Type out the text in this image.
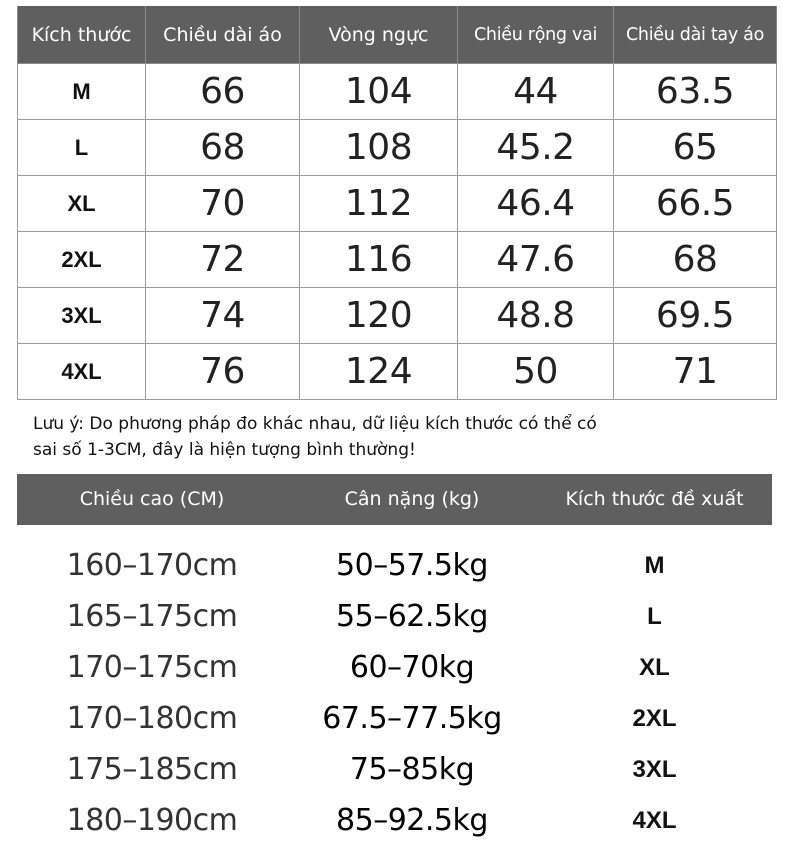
Kích thước	Chiều dài áo	Vòng ngực	Chiều rộng vai	Chiều dài tay áo
M	66	104	44	63.5
L	68	108	45.2	65
XL	70	112	46.4	66.5
2XL	72	116	47.6	68
3XL	74	120	48.8	69.5
4XL	76	124	50	71
Lưu ý: Do phương pháp đo khác nhau, dữ liệu kích thước có thể có
sai số 1-3CM, đây là hiện tượng bình thường!
Chiều cao (CM)	Cân nặng (kg)	Kích thước đề xuất
160–170cm	50–57.5kg	M
165–175cm	55–62.5kg	L
170–175cm	60–70kg	XL
170–180cm	67.5–77.5kg	2XL
175–185cm	75–85kg	3XL
180–190cm	85–92.5kg	4XL
